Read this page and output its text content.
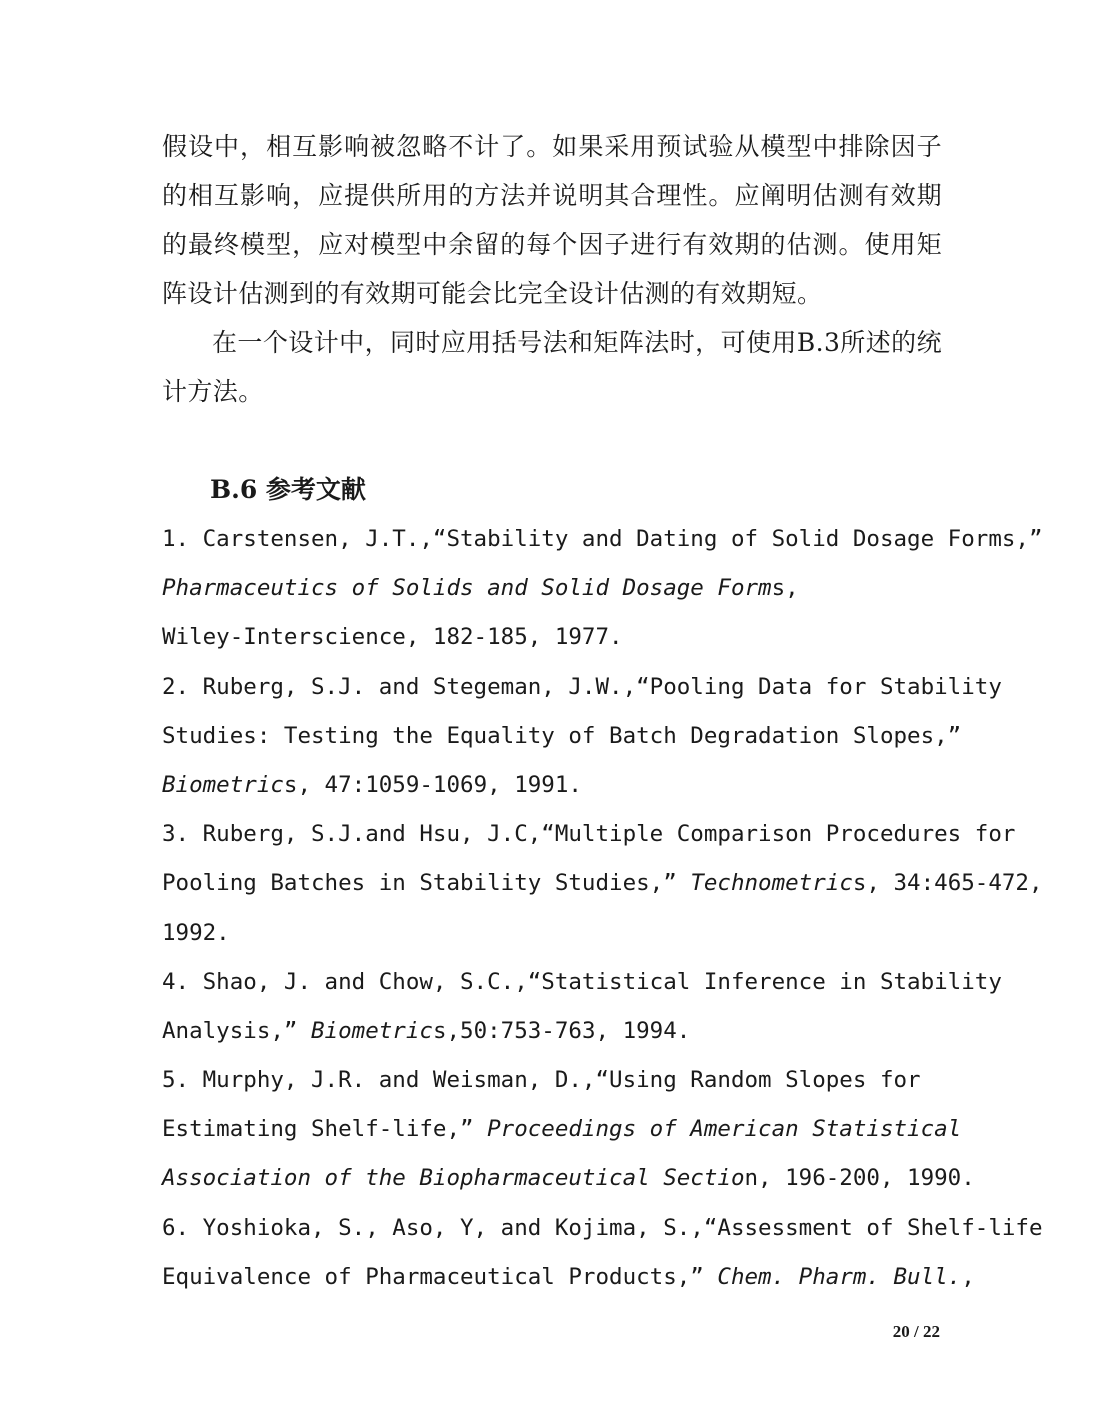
假设中，相互影响被忽略不计了。如果采用预试验从模型中排除因子的相互影响，应提供所用的方法并说明其合理性。应阐明估测有效期的最终模型，应对模型中余留的每个因子进行有效期的估测。使用矩阵设计估测到的有效期可能会比完全设计估测的有效期短。

在一个设计中，同时应用括号法和矩阵法时，可使用B.3所述的统计方法。

B.6 参考文献
1. Carstensen, J.T.,“Stability and Dating of Solid Dosage Forms,”
Pharmaceutics of Solids and Solid Dosage Forms,
Wiley-Interscience, 182-185, 1977.
2. Ruberg, S.J. and Stegeman, J.W.,“Pooling Data for Stability
Studies: Testing the Equality of Batch Degradation Slopes,”
Biometrics, 47:1059-1069, 1991.
3. Ruberg, S.J.and Hsu, J.C,“Multiple Comparison Procedures for
Pooling Batches in Stability Studies,” Technometrics, 34:465-472,
1992.
4. Shao, J. and Chow, S.C.,“Statistical Inference in Stability
Analysis,” Biometrics,50:753-763, 1994.
5. Murphy, J.R. and Weisman, D.,“Using Random Slopes for
Estimating Shelf-life,” Proceedings of American Statistical
Association of the Biopharmaceutical Section, 196-200, 1990.
6. Yoshioka, S., Aso, Y, and Kojima, S.,“Assessment of Shelf-life
Equivalence of Pharmaceutical Products,” Chem. Pharm. Bull.,
20 / 22
